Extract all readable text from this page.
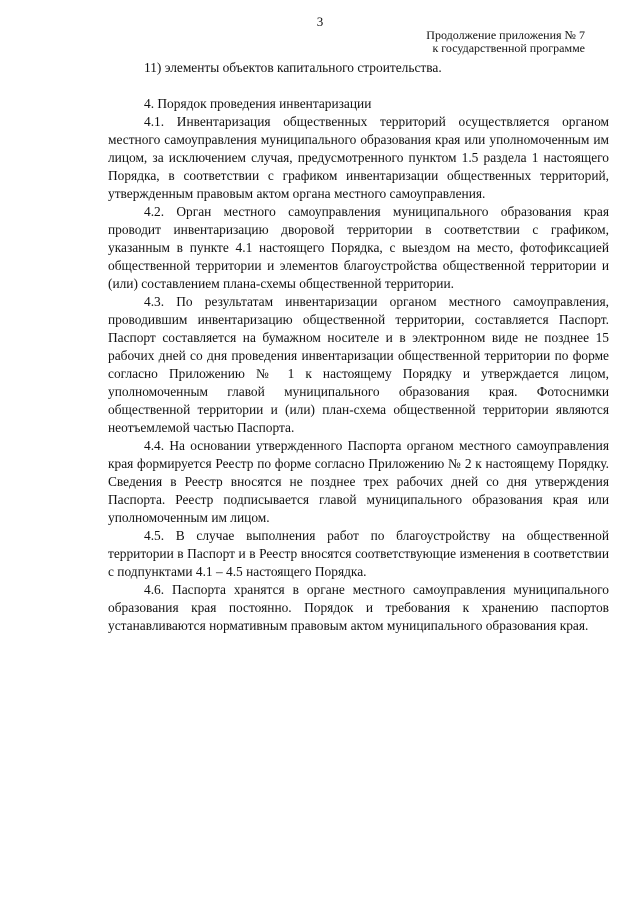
3
Продолжение приложения № 7
к государственной программе

11) элементы объектов капитального строительства.

4. Порядок проведения инвентаризации

4.1. Инвентаризация общественных территорий осуществляется органом местного самоуправления муниципального образования края или уполномоченным им лицом, за исключением случая, предусмотренного пунктом 1.5 раздела 1 настоящего Порядка, в соответствии с графиком инвентаризации общественных территорий, утвержденным правовым актом органа местного самоуправления.

4.2. Орган местного самоуправления муниципального образования края проводит инвентаризацию дворовой территории в соответствии с графиком, указанным в пункте 4.1 настоящего Порядка, с выездом на место, фотофиксацией общественной территории и элементов благоустройства общественной территории и (или) составлением плана-схемы общественной территории.

4.3. По результатам инвентаризации органом местного самоуправления, проводившим инвентаризацию общественной территории, составляется Паспорт. Паспорт составляется на бумажном носителе и в электронном виде не позднее 15 рабочих дней со дня проведения инвентаризации общественной территории по форме согласно Приложению № 1 к настоящему Порядку и утверждается лицом, уполномоченным главой муниципального образования края. Фотоснимки общественной территории и (или) план-схема общественной территории являются неотъемлемой частью Паспорта.

4.4. На основании утвержденного Паспорта органом местного самоуправления края формируется Реестр по форме согласно Приложению № 2 к настоящему Порядку. Сведения в Реестр вносятся не позднее трех рабочих дней со дня утверждения Паспорта. Реестр подписывается главой муниципального образования края или уполномоченным им лицом.

4.5. В случае выполнения работ по благоустройству на общественной территории в Паспорт и в Реестр вносятся соответствующие изменения в соответствии с подпунктами 4.1 – 4.5 настоящего Порядка.

4.6. Паспорта хранятся в органе местного самоуправления муниципального образования края постоянно. Порядок и требования к хранению паспортов устанавливаются нормативным правовым актом муниципального образования края.
